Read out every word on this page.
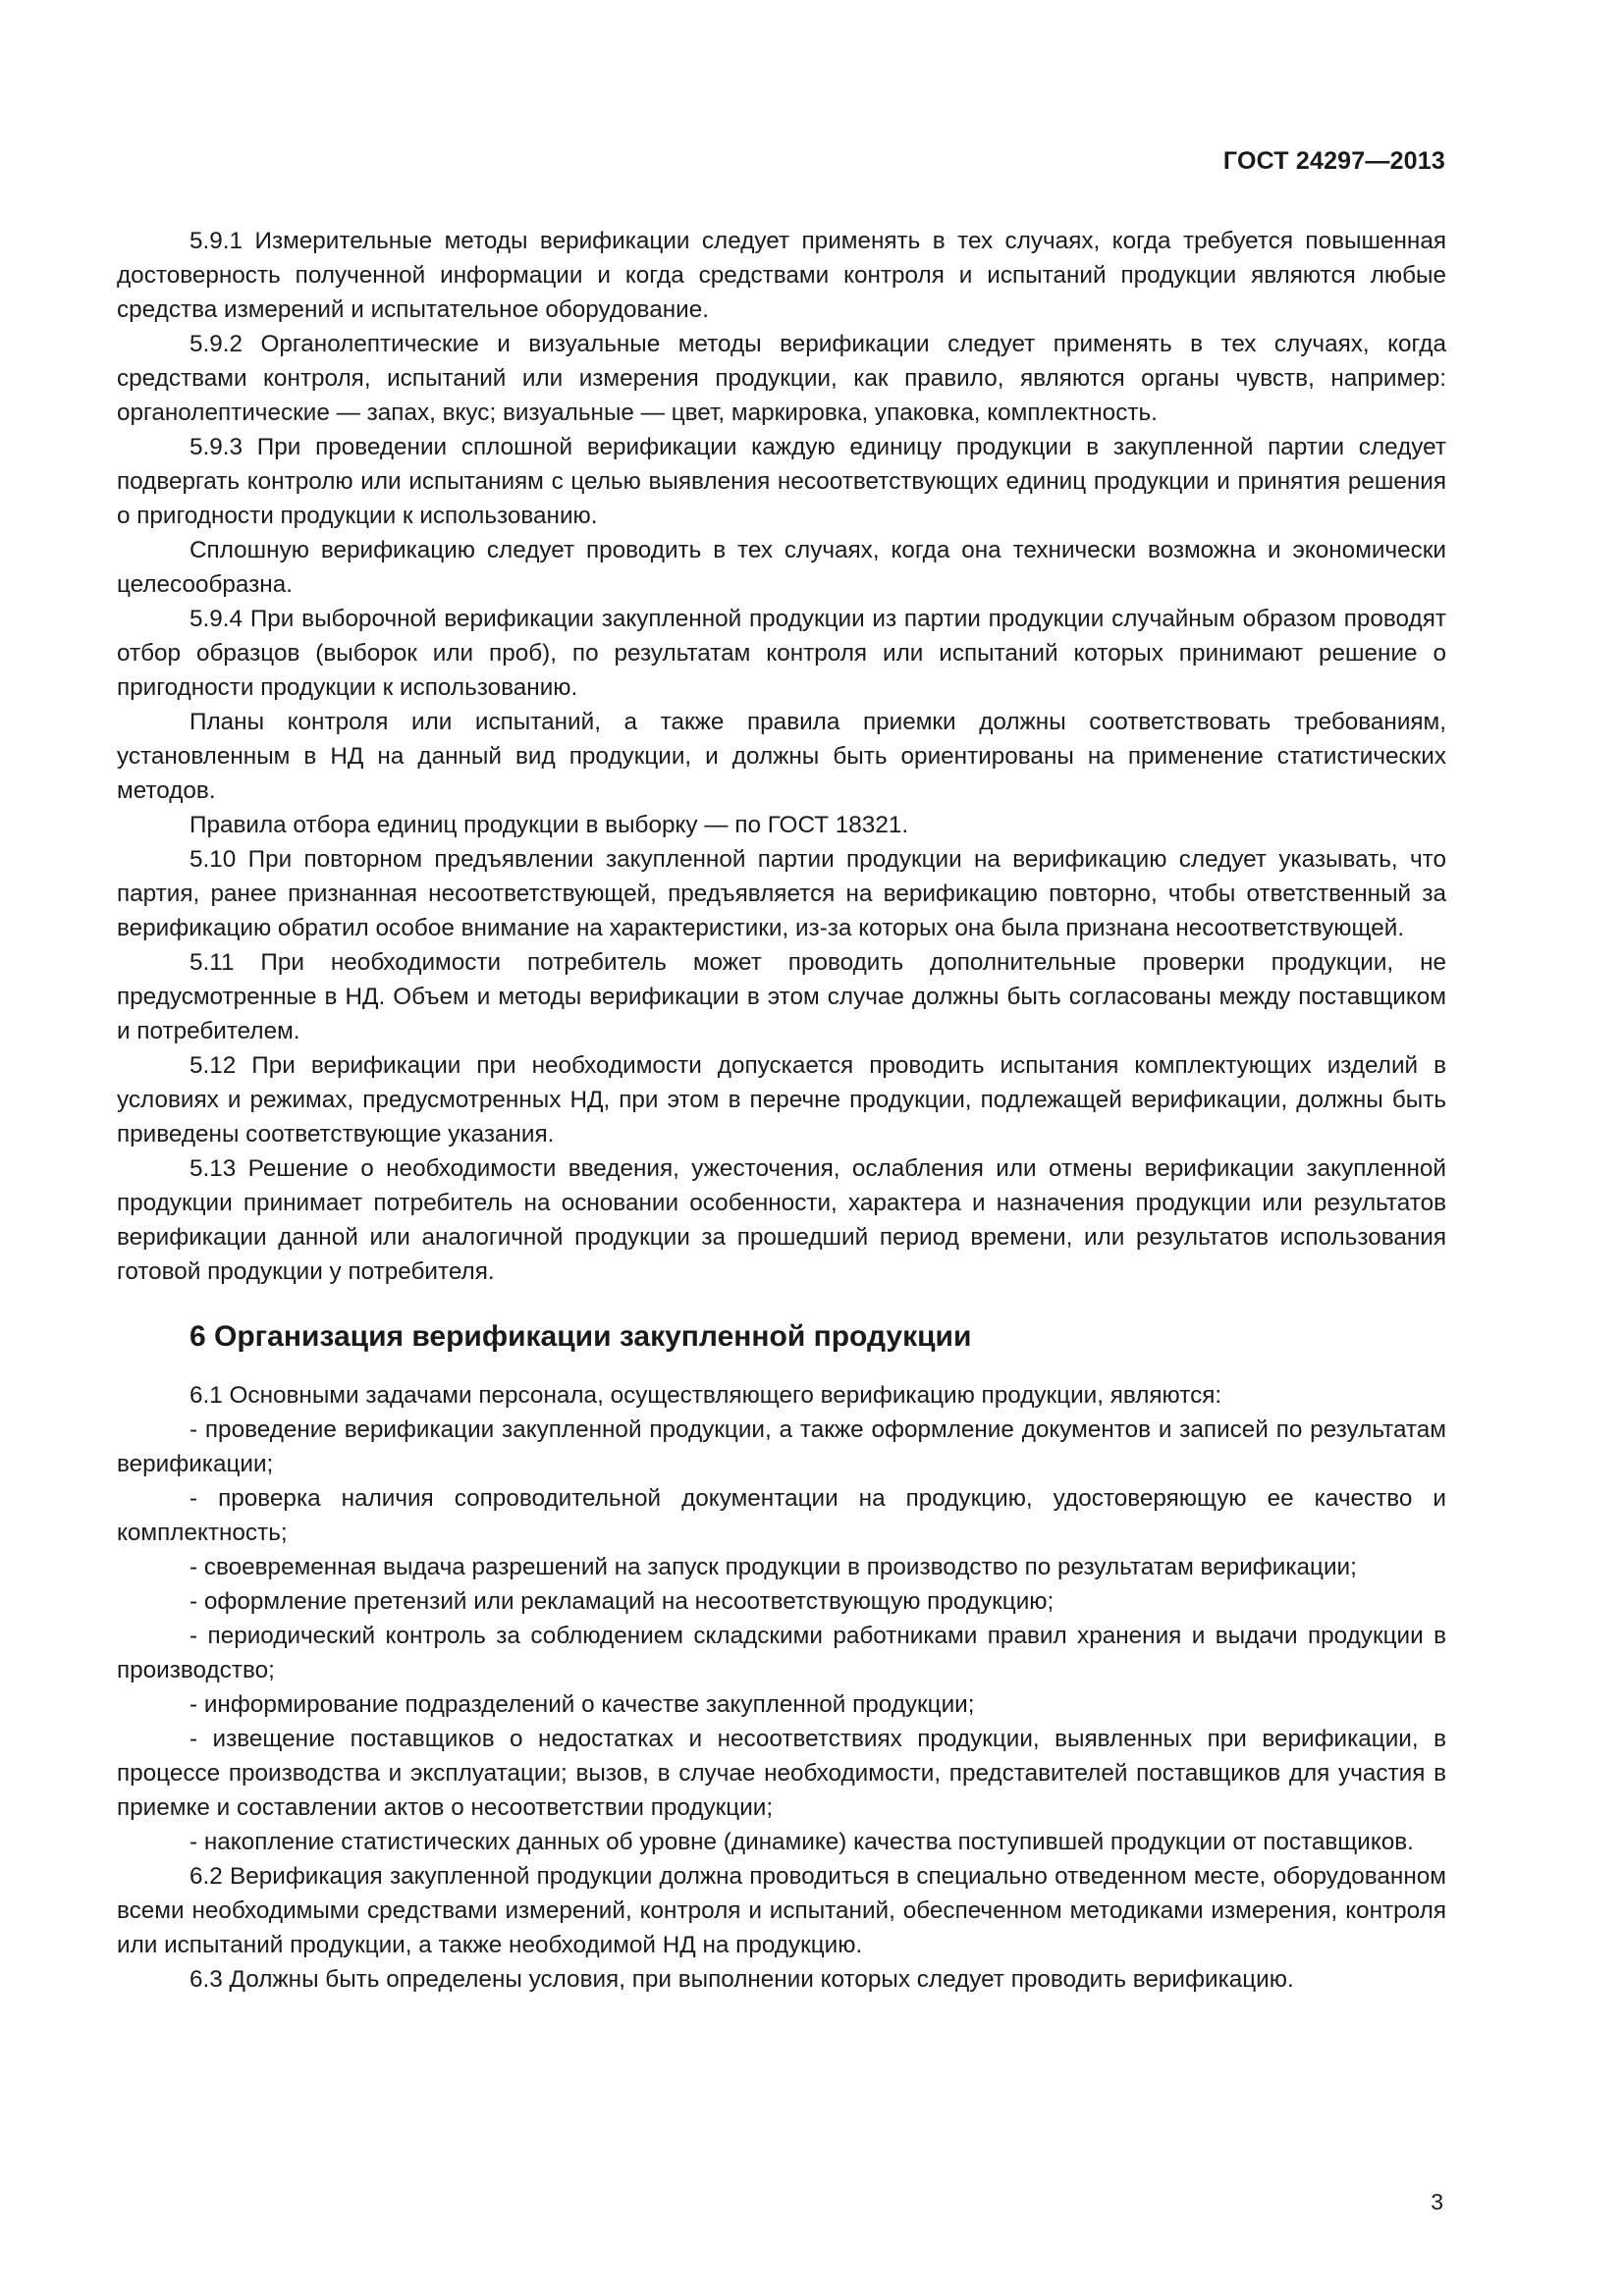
ГОСТ 24297—2013

5.9.1 Измерительные методы верификации следует применять в тех случаях, когда требуется повышенная достоверность полученной информации и когда средствами контроля и испытаний продукции являются любые средства измерений и испытательное оборудование.

5.9.2 Органолептические и визуальные методы верификации следует применять в тех случаях, когда средствами контроля, испытаний или измерения продукции, как правило, являются органы чувств, например: органолептические — запах, вкус; визуальные — цвет, маркировка, упаковка, комплектность.

5.9.3 При проведении сплошной верификации каждую единицу продукции в закупленной партии следует подвергать контролю или испытаниям с целью выявления несоответствующих единиц продукции и принятия решения о пригодности продукции к использованию.

Сплошную верификацию следует проводить в тех случаях, когда она технически возможна и экономически целесообразна.

5.9.4 При выборочной верификации закупленной продукции из партии продукции случайным образом проводят отбор образцов (выборок или проб), по результатам контроля или испытаний которых принимают решение о пригодности продукции к использованию.

Планы контроля или испытаний, а также правила приемки должны соответствовать требованиям, установленным в НД на данный вид продукции, и должны быть ориентированы на применение статистических методов.

Правила отбора единиц продукции в выборку — по ГОСТ 18321.

5.10 При повторном предъявлении закупленной партии продукции на верификацию следует указывать, что партия, ранее признанная несоответствующей, предъявляется на верификацию повторно, чтобы ответственный за верификацию обратил особое внимание на характеристики, из-за которых она была признана несоответствующей.

5.11 При необходимости потребитель может проводить дополнительные проверки продукции, не предусмотренные в НД. Объем и методы верификации в этом случае должны быть согласованы между поставщиком и потребителем.

5.12 При верификации при необходимости допускается проводить испытания комплектующих изделий в условиях и режимах, предусмотренных НД, при этом в перечне продукции, подлежащей верификации, должны быть приведены соответствующие указания.

5.13 Решение о необходимости введения, ужесточения, ослабления или отмены верификации закупленной продукции принимает потребитель на основании особенности, характера и назначения продукции или результатов верификации данной или аналогичной продукции за прошедший период времени, или результатов использования готовой продукции у потребителя.

6 Организация верификации закупленной продукции

6.1 Основными задачами персонала, осуществляющего верификацию продукции, являются:

- проведение верификации закупленной продукции, а также оформление документов и записей по результатам верификации;

- проверка наличия сопроводительной документации на продукцию, удостоверяющую ее качество и комплектность;

- своевременная выдача разрешений на запуск продукции в производство по результатам верификации;

- оформление претензий или рекламаций на несоответствующую продукцию;

- периодический контроль за соблюдением складскими работниками правил хранения и выдачи продукции в производство;

- информирование подразделений о качестве закупленной продукции;

- извещение поставщиков о недостатках и несоответствиях продукции, выявленных при верификации, в процессе производства и эксплуатации; вызов, в случае необходимости, представителей поставщиков для участия в приемке и составлении актов о несоответствии продукции;

- накопление статистических данных об уровне (динамике) качества поступившей продукции от поставщиков.

6.2 Верификация закупленной продукции должна проводиться в специально отведенном месте, оборудованном всеми необходимыми средствами измерений, контроля и испытаний, обеспеченном методиками измерения, контроля или испытаний продукции, а также необходимой НД на продукцию.

6.3 Должны быть определены условия, при выполнении которых следует проводить верификацию.

3
